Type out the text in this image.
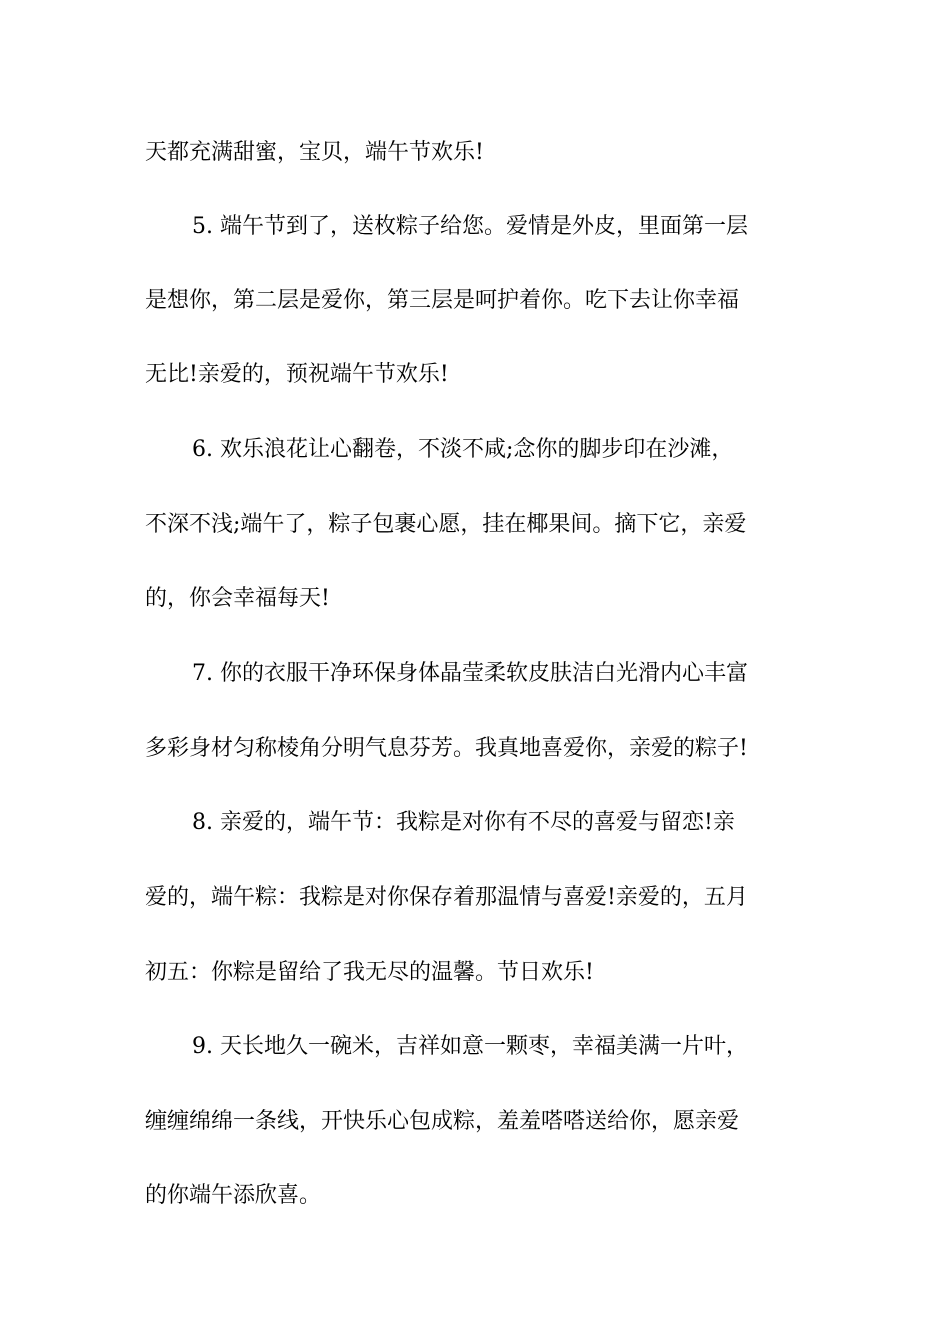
天都充满甜蜜，宝贝，端午节欢乐!
5. 端午节到了，送枚粽子给您。爱情是外皮，里面第一层
是想你，第二层是爱你，第三层是呵护着你。吃下去让你幸福
无比!亲爱的，预祝端午节欢乐!
6. 欢乐浪花让心翻卷，不淡不咸;念你的脚步印在沙滩，
不深不浅;端午了，粽子包裹心愿，挂在椰果间。摘下它，亲爱
的，你会幸福每天!
7. 你的衣服干净环保身体晶莹柔软皮肤洁白光滑内心丰富
多彩身材匀称棱角分明气息芬芳。我真地喜爱你，亲爱的粽子!
8. 亲爱的，端午节：我粽是对你有不尽的喜爱与留恋!亲
爱的，端午粽：我粽是对你保存着那温情与喜爱!亲爱的，五月
初五：你粽是留给了我无尽的温馨。节日欢乐!
9. 天长地久一碗米，吉祥如意一颗枣，幸福美满一片叶，
缠缠绵绵一条线，开快乐心包成粽，羞羞嗒嗒送给你，愿亲爱
的你端午添欣喜。
